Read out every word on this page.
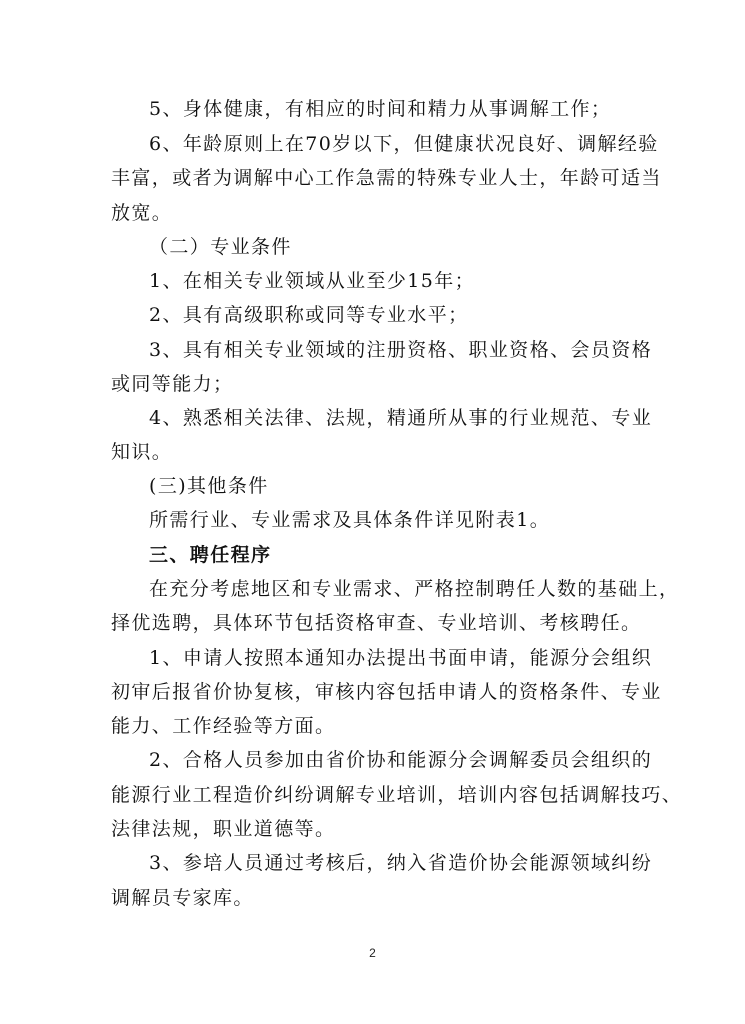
5、身体健康，有相应的时间和精力从事调解工作；
6、年龄原则上在70岁以下，但健康状况良好、调解经验
丰富，或者为调解中心工作急需的特殊专业人士，年龄可适当
放宽。
（二）专业条件
1、在相关专业领域从业至少15年；
2、具有高级职称或同等专业水平；
3、具有相关专业领域的注册资格、职业资格、会员资格
或同等能力；
4、熟悉相关法律、法规，精通所从事的行业规范、专业
知识。
(三)其他条件
所需行业、专业需求及具体条件详见附表1。
三、聘任程序
在充分考虑地区和专业需求、严格控制聘任人数的基础上，
择优选聘，具体环节包括资格审查、专业培训、考核聘任。
1、申请人按照本通知办法提出书面申请，能源分会组织
初审后报省价协复核，审核内容包括申请人的资格条件、专业
能力、工作经验等方面。
2、合格人员参加由省价协和能源分会调解委员会组织的
能源行业工程造价纠纷调解专业培训，培训内容包括调解技巧、
法律法规，职业道德等。
3、参培人员通过考核后，纳入省造价协会能源领域纠纷
调解员专家库。
2
